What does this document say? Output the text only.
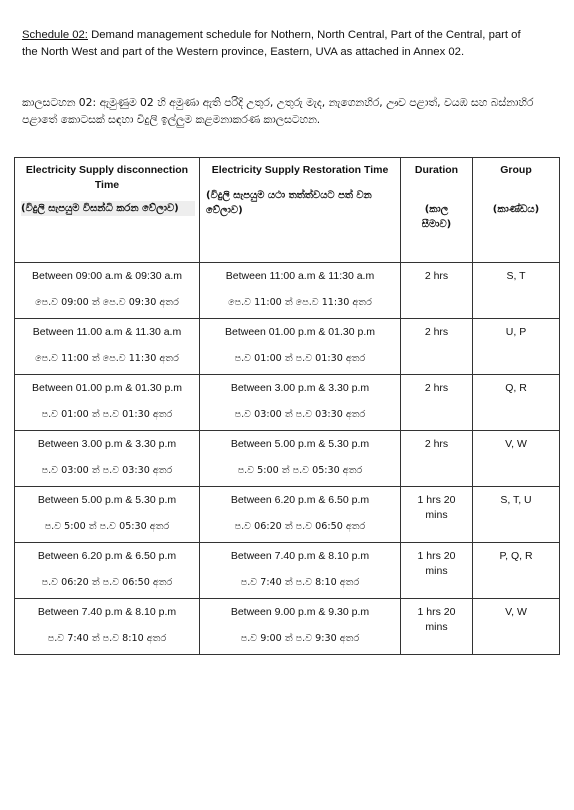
Schedule 02: Demand management schedule for Nothern, North Central, Part of the Central, part of the North West and part of the Western province, Eastern, UVA as attached in Annex 02.
කාලසටහන 02: ඇමුණුම 02 හි අමුණා ඇති පරිදි උතුර, උතුරු මැද, නැගෙනහිර, ඌව පළාත්, වයඹ සහ බස්නාහිර පළාතේ කොටසක් සඳහා විදුලි ඉල්ලුම කළමනාකරණ කාලසටහන.
Electricity Supply disconnection Time
(විදුලි සැපයුම විසන්ධි කරන වේලාව)	Electricity Supply Restoration Time
(විදුලි සැපයුම යථා තත්ත්වයට පත් වන වේලාව)	Duration
(කාල
සීමාව)	Group
(කාණ්ඩය)

Between 09:00 a.m & 09:30 a.m
පෙ.ව 09:00 ත් පෙ.ව 09:30 අතර	Between 11:00 a.m & 11:30 a.m
පෙ.ව 11:00 ත් පෙ.ව 11:30 අතර	2 hrs	S, T

Between 11.00 a.m & 11.30 a.m
පෙ.ව 11:00 ත් පෙ.ව 11:30 අතර	Between 01.00 p.m & 01.30 p.m
ප.ව 01:00 ත් ප.ව 01:30 අතර	2 hrs	U, P

Between 01.00 p.m & 01.30 p.m
ප.ව 01:00 ත් ප.ව 01:30 අතර	Between 3.00 p.m & 3.30 p.m
ප.ව 03:00 ත් ප.ව 03:30 අතර	2 hrs	Q, R

Between 3.00 p.m & 3.30 p.m
ප.ව 03:00 ත් ප.ව 03:30 අතර	Between 5.00 p.m & 5.30 p.m
ප.ව 5:00 ත් ප.ව 05:30 අතර	2 hrs	V, W

Between 5.00 p.m & 5.30 p.m
ප.ව 5:00 ත් ප.ව 05:30 අතර	Between 6.20 p.m & 6.50 p.m
ප.ව 06:20 ත් ප.ව 06:50 අතර	1 hrs 20 mins	S, T, U

Between 6.20 p.m & 6.50 p.m
ප.ව 06:20 ත් ප.ව 06:50 අතර	Between 7.40 p.m & 8.10 p.m
ප.ව 7:40 ත් ප.ව 8:10 අතර	1 hrs 20 mins	P, Q, R

Between 7.40 p.m & 8.10 p.m
ප.ව 7:40 ත් ප.ව 8:10 අතර	Between 9.00 p.m & 9.30 p.m
ප.ව 9:00 ත් ප.ව 9:30 අතර	1 hrs 20 mins	V, W
